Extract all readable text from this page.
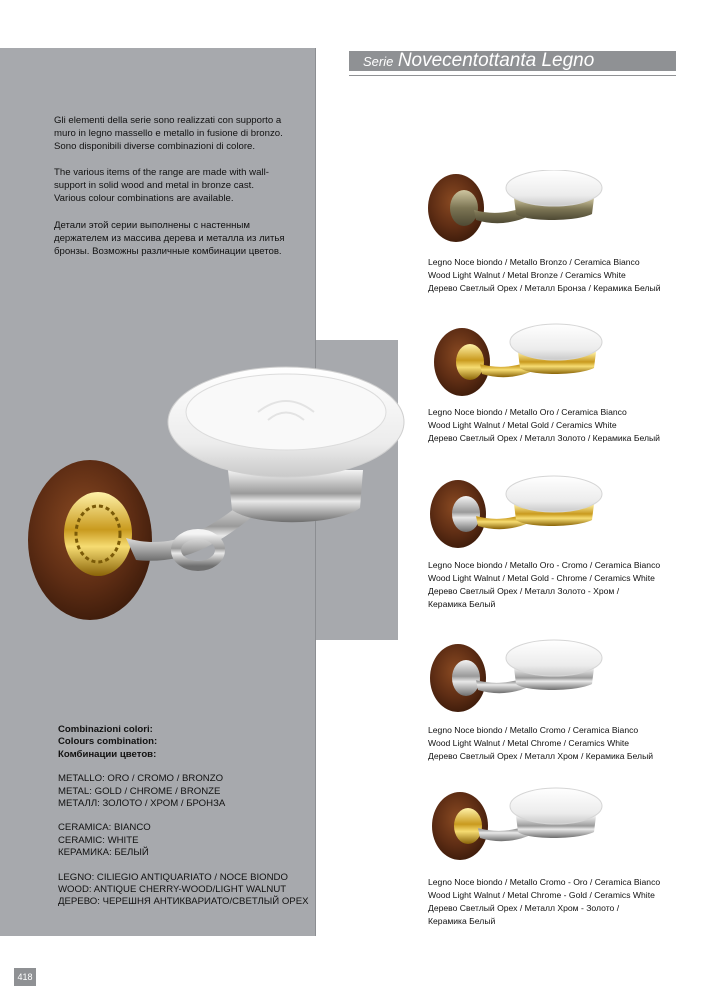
Serie Novecentottanta Legno

Gli elementi della serie sono realizzati con supporto a muro in legno massello e metallo in fusione di bronzo. Sono disponibili diverse combinazioni di colore.

The various items of the range are made with wall-support in solid wood and metal in bronze cast. Various colour combinations are available.

Детали этой серии выполнены с настенным держателем из массива дерева и металла из литья бронзы. Возможны различные комбинации цветов.

Combinazioni colori:
Colours combination:
Комбинации цветов:
METALLO: ORO / CROMO / BRONZO
METAL: GOLD / CHROME / BRONZE
МЕТАЛЛ: ЗОЛОТО / ХРОМ / БРОНЗА
CERAMICA: BIANCO
CERAMIC: WHITE
КЕРАМИКА: БЕЛЫЙ
LEGNO: CILIEGIO ANTIQUARIATO / NOCE BIONDO
WOOD: ANTIQUE CHERRY-WOOD/LIGHT WALNUT
ДЕРЕВО: ЧЕРЕШНЯ АНТИКВАРИАТО/СВЕТЛЫЙ ОРЕХ
Legno Noce biondo / Metallo Bronzo / Ceramica Bianco
Wood Light Walnut / Metal Bronze / Ceramics White
Дерево Светлый Орех / Металл Бронза / Керамика Белый
Legno Noce biondo / Metallo Oro / Ceramica Bianco
Wood Light Walnut / Metal Gold / Ceramics White
Дерево Светлый Орех / Металл Золото / Керамика Белый
Legno Noce biondo / Metallo Oro - Cromo / Ceramica Bianco
Wood Light Walnut / Metal Gold - Chrome / Ceramics White
Дерево Светлый Орех / Металл Золото - Хром /
Керамика Белый
Legno Noce biondo / Metallo Cromo / Ceramica Bianco
Wood Light Walnut / Metal Chrome / Ceramics White
Дерево Светлый Орех / Металл Хром / Керамика Белый
Legno Noce biondo / Metallo Cromo - Oro / Ceramica Bianco
Wood Light Walnut / Metal Chrome - Gold / Ceramics White
Дерево Светлый Орех / Металл Хром - Золото /
Керамика Белый
418
